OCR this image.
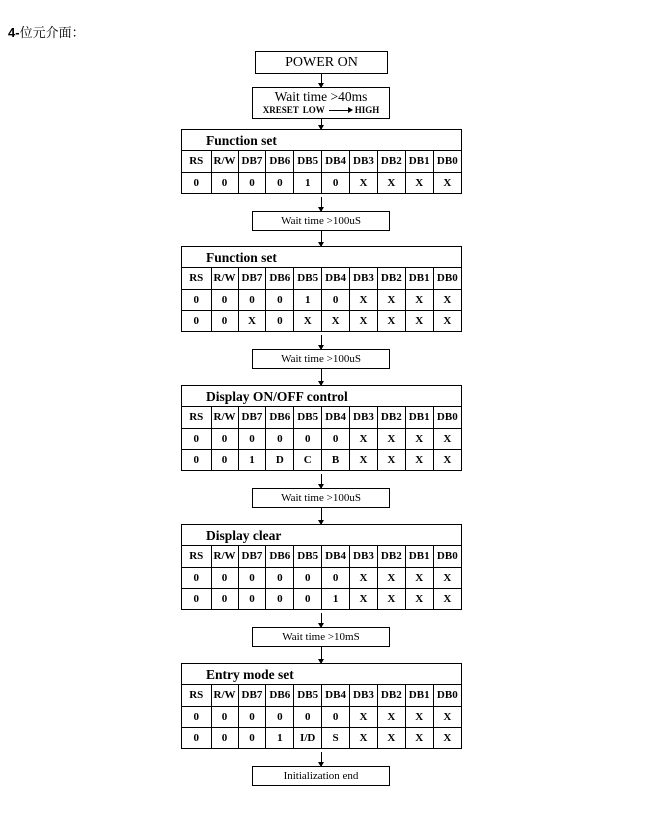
4-位元介面：
POWER ON
Wait time >40ms
XRESET LOW	HIGH
Function set
RS	R/W	DB7	DB6	DB5	DB4	DB3	DB2	DB1	DB0
0	0	0	0	1	0	X	X	X	X
Wait time >100uS
Function set
RS	R/W	DB7	DB6	DB5	DB4	DB3	DB2	DB1	DB0
0	0	0	0	1	0	X	X	X	X
0	0	X	0	X	X	X	X	X	X
Wait time >100uS
Display ON/OFF control
RS	R/W	DB7	DB6	DB5	DB4	DB3	DB2	DB1	DB0
0	0	0	0	0	0	X	X	X	X
0	0	1	D	C	B	X	X	X	X
Wait time >100uS
Display clear
RS	R/W	DB7	DB6	DB5	DB4	DB3	DB2	DB1	DB0
0	0	0	0	0	0	X	X	X	X
0	0	0	0	0	1	X	X	X	X
Wait time >10mS
Entry mode set
RS	R/W	DB7	DB6	DB5	DB4	DB3	DB2	DB1	DB0
0	0	0	0	0	0	X	X	X	X
0	0	0	1	I/D	S	X	X	X	X
Initialization end
